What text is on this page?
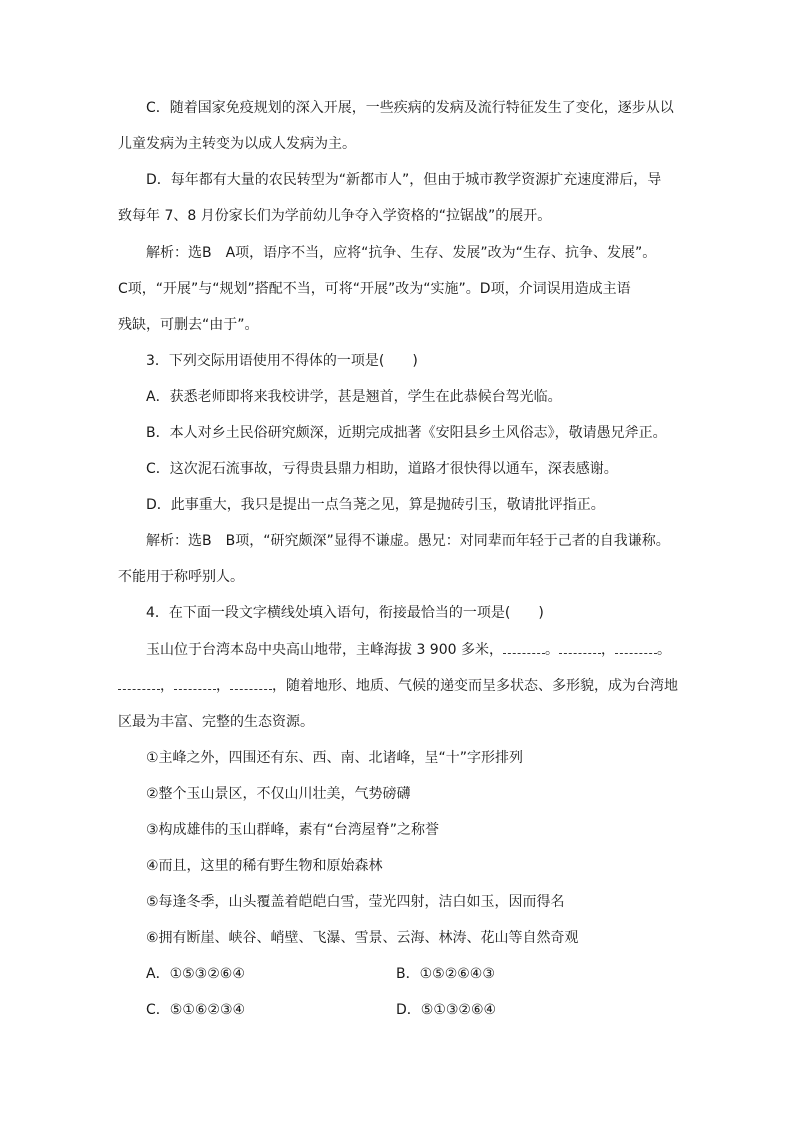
C．随着国家免疫规划的深入开展，一些疾病的发病及流行特征发生了变化，逐步从以
儿童发病为主转变为以成人发病为主。
D．每年都有大量的农民转型为“新都市人”，但由于城市教学资源扩充速度滞后，导
致每年 7、8 月份家长们为学前幼儿争夺入学资格的“拉锯战”的展开。
解析：选B　A项，语序不当，应将“抗争、生存、发展”改为“生存、抗争、发展”。
C项，“开展”与“规划”搭配不当，可将“开展”改为“实施”。D项，介词误用造成主语
残缺，可删去“由于”。
3．下列交际用语使用不得体的一项是(　　)
A．获悉老师即将来我校讲学，甚是翘首，学生在此恭候台驾光临。
B．本人对乡土民俗研究颇深，近期完成拙著《安阳县乡土风俗志》，敬请愚兄斧正。
C．这次泥石流事故，亏得贵县鼎力相助，道路才很快得以通车，深表感谢。
D．此事重大，我只是提出一点刍荛之见，算是抛砖引玉，敬请批评指正。
解析：选B　B项，“研究颇深”显得不谦虚。愚兄：对同辈而年轻于己者的自我谦称。
不能用于称呼别人。
4．在下面一段文字横线处填入语句，衔接最恰当的一项是(　　)
玉山位于台湾本岛中央高山地带，主峰海拔 3 900 多米，	。	，	。
，	，	，随着地形、地质、气候的递变而呈多状态、多形貌，成为台湾地
区最为丰富、完整的生态资源。
①主峰之外，四围还有东、西、南、北诸峰，呈“十”字形排列
②整个玉山景区，不仅山川壮美，气势磅礴
③构成雄伟的玉山群峰，素有“台湾屋脊”之称誉
④而且，这里的稀有野生物和原始森林
⑤每逢冬季，山头覆盖着皑皑白雪，莹光四射，洁白如玉，因而得名
⑥拥有断崖、峡谷、峭壁、飞瀑、雪景、云海、林涛、花山等自然奇观
A．①⑤③②⑥④	B．①⑤②⑥④③
C．⑤①⑥②③④	D．⑤①③②⑥④
